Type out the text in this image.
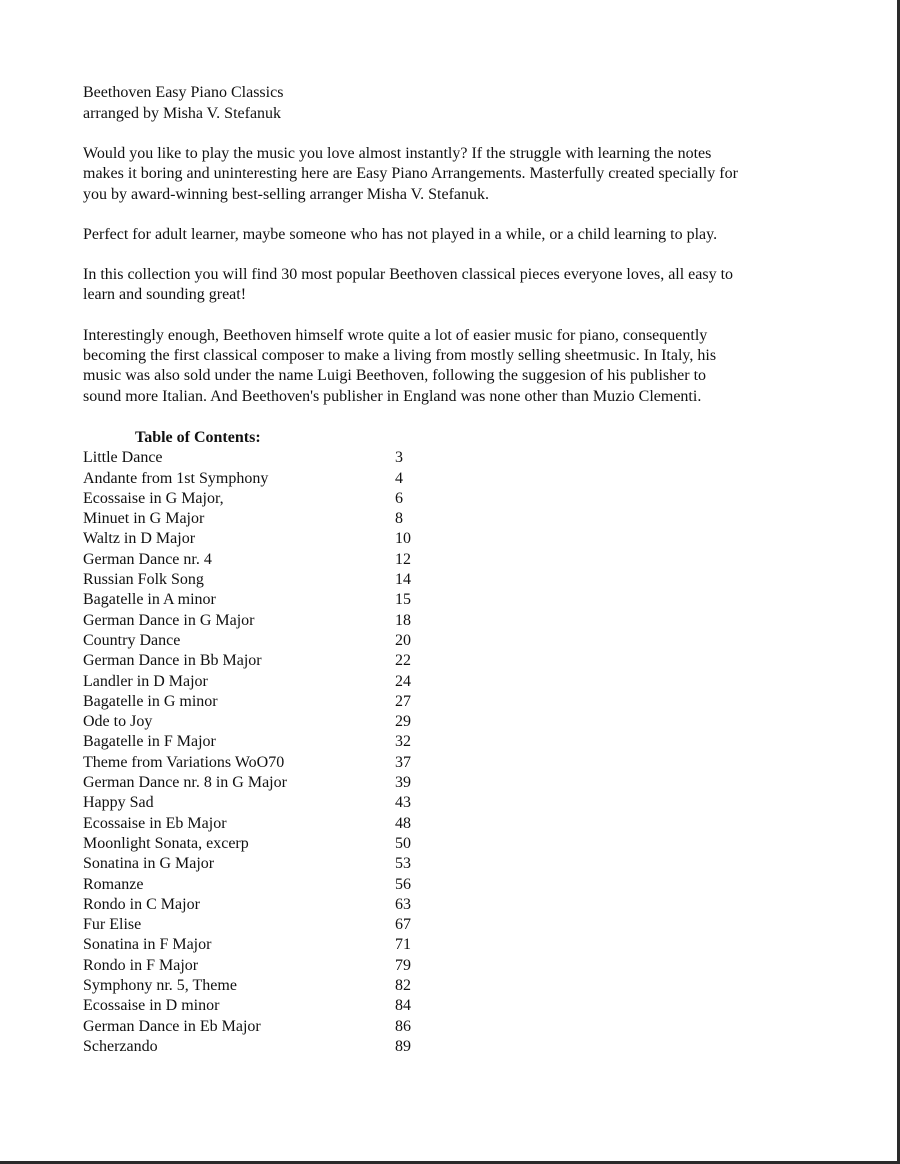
Beethoven Easy Piano Classics
arranged by Misha V. Stefanuk

Would you like to play the music you love almost instantly? If the struggle with learning the notes
makes it boring and uninteresting here are Easy Piano Arrangements. Masterfully created specially for
you by award-winning best-selling arranger Misha V. Stefanuk.

Perfect for adult learner, maybe someone who has not played in a while, or a child learning to play.

In this collection you will find 30 most popular Beethoven classical pieces everyone loves, all easy to
learn and sounding great!

Interestingly enough, Beethoven himself wrote quite a lot of easier music for piano, consequently
becoming the first classical composer to make a living from mostly selling sheetmusic. In Italy, his
music was also sold under the name Luigi Beethoven, following the suggesion of his publisher to
sound more Italian. And Beethoven's publisher in England was none other than Muzio Clementi.

Table of Contents:
Little Dance	3
Andante from 1st Symphony	4
Ecossaise in G Major,	6
Minuet in G Major	8
Waltz in D Major	10
German Dance nr. 4	12
Russian Folk Song	14
Bagatelle in A minor	15
German Dance in G Major	18
Country Dance	20
German Dance in Bb Major	22
Landler in D Major	24
Bagatelle in G minor	27
Ode to Joy	29
Bagatelle in F Major	32
Theme from Variations WoO70	37
German Dance nr. 8 in G Major	39
Happy Sad	43
Ecossaise in Eb Major	48
Moonlight Sonata, excerp	50
Sonatina in G Major	53
Romanze	56
Rondo in C Major	63
Fur Elise	67
Sonatina in F Major	71
Rondo in F Major	79
Symphony nr. 5, Theme	82
Ecossaise in D minor	84
German Dance in Eb Major	86
Scherzando	89
